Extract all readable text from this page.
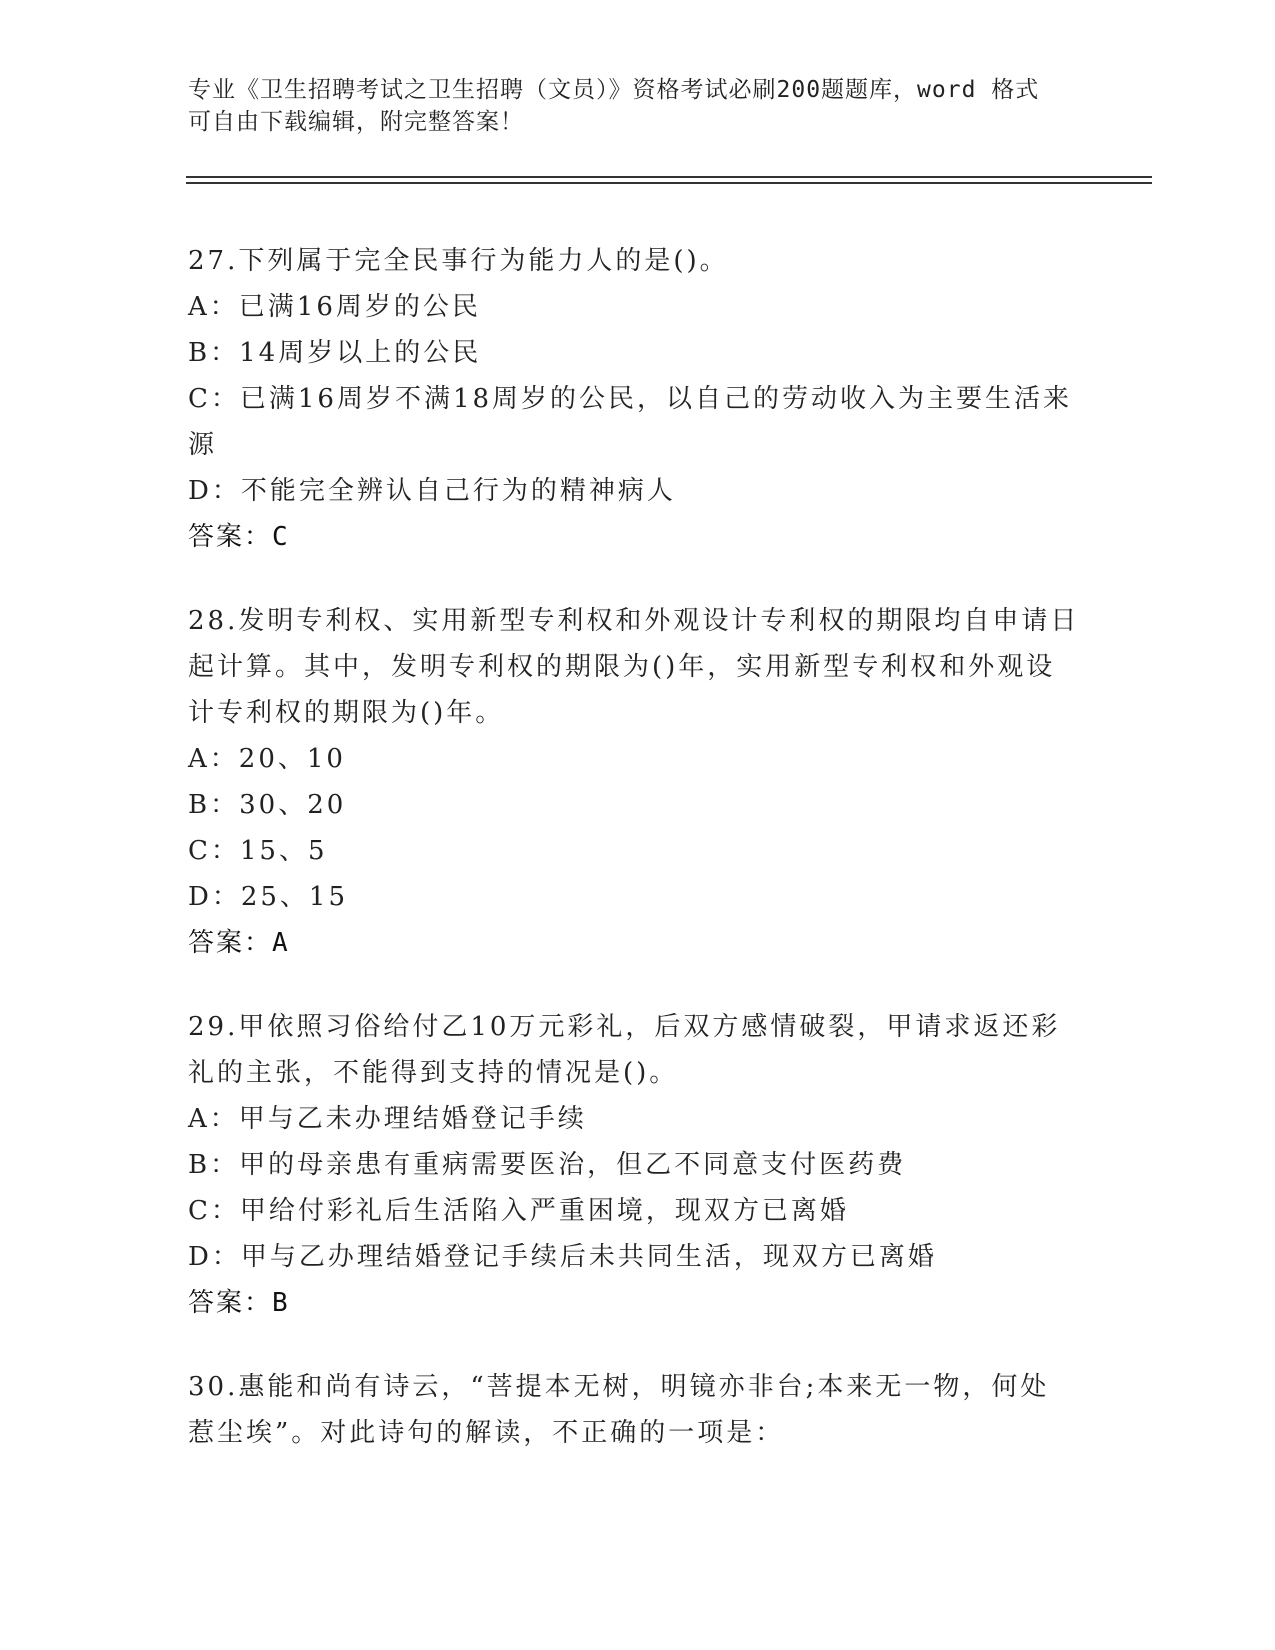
专业《卫生招聘考试之卫生招聘（文员）》资格考试必刷200题题库，word 格式
可自由下载编辑，附完整答案！
27.下列属于完全民事行为能力人的是()。
A：已满16周岁的公民
B：14周岁以上的公民
C：已满16周岁不满18周岁的公民，以自己的劳动收入为主要生活来
源
D：不能完全辨认自己行为的精神病人
答案：C
28.发明专利权、实用新型专利权和外观设计专利权的期限均自申请日
起计算。其中，发明专利权的期限为()年，实用新型专利权和外观设
计专利权的期限为()年。
A：20、10
B：30、20
C：15、5
D：25、15
答案：A
29.甲依照习俗给付乙10万元彩礼，后双方感情破裂，甲请求返还彩
礼的主张，不能得到支持的情况是()。
A：甲与乙未办理结婚登记手续
B：甲的母亲患有重病需要医治，但乙不同意支付医药费
C：甲给付彩礼后生活陷入严重困境，现双方已离婚
D：甲与乙办理结婚登记手续后未共同生活，现双方已离婚
答案：B
30.惠能和尚有诗云，“菩提本无树，明镜亦非台;本来无一物，何处
惹尘埃”。对此诗句的解读，不正确的一项是：
